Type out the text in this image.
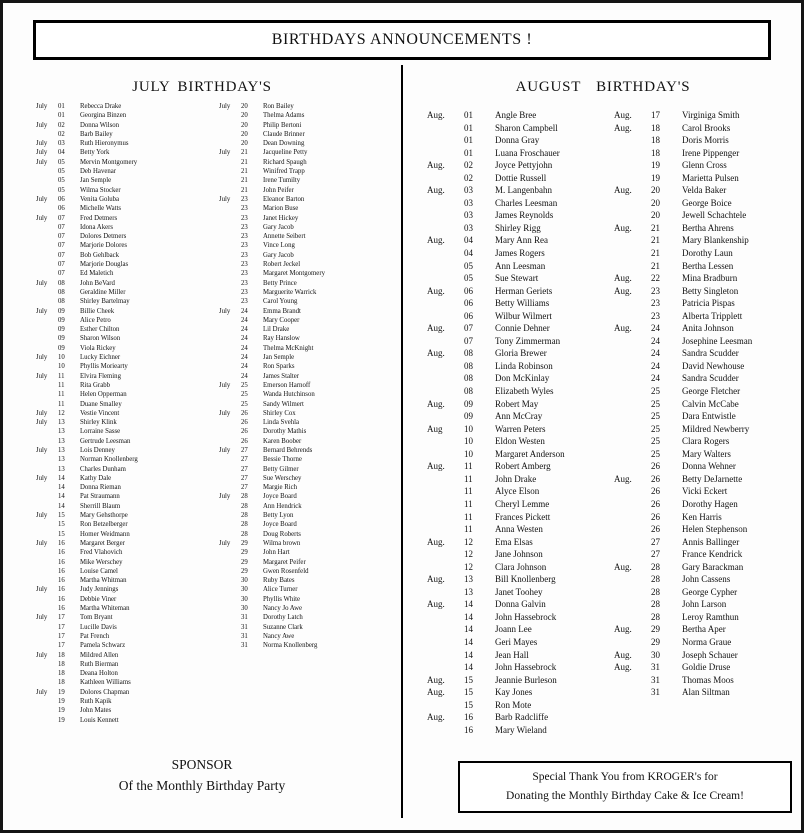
BIRTHDAYS ANNOUNCEMENTS !
JULY BIRTHDAY'S	AUGUST  BIRTHDAY'S
July	01	Rebecca Drake
01	Georgina Binzen
July	02	Donna Wilson
02	Barb Bailey
July	03	Ruth Hieronymus
July	04	Betty York
July	05	Mervin Montgomery
05	Deb Havenar
05	Jan Semple
05	Wilma Stocker
July	06	Venita Goluba
06	Michelle Watts
July	07	Fred Detmers
07	Idona Akers
07	Dolores Detmers
07	Marjorie Dolores
07	Bob Gehlback
07	Marjorie Douglas
07	Ed Maletich
July	08	John BeVard
08	Geraldine Miller
08	Shirley Bartelmay
July	09	Billie Cheek
09	Alice Petro
09	Esther Chilton
09	Sharon Wilson
09	Viola Rickey
July	10	Lucky Eichner
10	Phyllis Moriearty
July	11	Elvira Fleming
11	Rita Grabb
11	Helen Opperman
11	Duane Smalley
July	12	Vestie Vincent
July	13	Shirley Klink
13	Lorraine Sasse
13	Gertrude Leesman
July	13	Lois Denney
13	Norman Knollenberg
13	Charles Dunham
July	14	Kathy Dale
14	Donna Rieman
14	Pat Straumann
14	Sherrill Blaum
July	15	Mary Gehsthorpe
15	Ron Betzelberger
15	Homer Weidmann
July	16	Margaret Berger
16	Fred Vlahovich
16	Mike Werschey
16	Louise Camel
16	Martha Whitman
July	16	Judy Jennings
16	Debbie Viner
16	Martha Whiteman
July	17	Tom Bryant
17	Lucille Davis
17	Pat French
17	Pamela Schwarz
July	18	Mildred Allen
18	Ruth Bierman
18	Deana Holton
18	Kathleen Williams
July	19	Dolores Chapman
19	Ruth Kapik
19	John Mates
19	Louis Kennett
July	20	Ron Bailey
20	Thelma Adams
20	Philip Bertoni
20	Claude Brinner
20	Dean Downing
July	21	Jacqueline Petty
21	Richard Spaugh
21	Winifred Trapp
21	Irene Tumilty
21	John Peifer
July	23	Eleanor Barton
23	Marion Buse
23	Janet Hickey
23	Gary Jacob
23	Annette Seibert
23	Vince Long
23	Gary Jacob
23	Robert Jeckel
23	Margaret Montgomery
23	Betty Prince
23	Marguerite Warrick
23	Carol Young
July	24	Emma Brandt
24	Mary Cooper
24	Lil Drake
24	Ray Hanslow
24	Thelma McKnight
24	Jan Semple
24	Ron Sparks
24	James Stalter
July	25	Emerson Harnoff
25	Wanda Hutchinson
25	Sandy Wilmert
July	26	Shirley Cox
26	Linda Svehla
26	Dorothy Mathis
26	Karen Boober
July	27	Bernard Behrends
27	Bessie Thorne
27	Betty Gilmer
27	Sue Werschey
27	Margie Rich
July	28	Joyce Board
28	Ann Hendrick
28	Betty Lyon
28	Joyce Board
28	Doug Roberts
July	29	Wilma brown
29	John Hart
29	Margaret Peifer
29	Gwen Rosenfeld
30	Ruby Bates
30	Alice Turner
30	Phyllis White
30	Nancy Jo Awe
31	Dorothy Latch
31	Suzanne Clark
31	Nancy Awe
31	Norma Knollenberg
Aug.	01	Angle Bree
01	Sharon Campbell
01	Donna Gray
01	Luana Froschauer
Aug.	02	Joyce Pettyjohn
02	Dottie Russell
Aug.	03	M. Langenbahn
03	Charles Leesman
03	James Reynolds
03	Shirley Rigg
Aug.	04	Mary Ann Rea
04	James Rogers
05	Ann Leesman
05	Sue Stewart
Aug.	06	Herman Geriets
06	Betty Williams
06	Wilbur Wilmert
Aug.	07	Connie Dehner
07	Tony Zimmerman
Aug.	08	Gloria Brewer
08	Linda Robinson
08	Don McKinlay
08	Elizabeth Wyles
Aug.	09	Robert May
09	Ann McCray
Aug	10	Warren Peters
10	Eldon Westen
10	Margaret Anderson
Aug.	11	Robert Amberg
11	John Drake
11	Alyce Elson
11	Cheryl Lemme
11	Frances Pickett
11	Anna Westen
Aug.	12	Ema Elsas
12	Jane Johnson
12	Clara Johnson
Aug.	13	Bill Knollenberg
13	Janet Toohey
Aug.	14	Donna Galvin
14	John Hassebrock
14	Joann Lee
14	Geri Mayes
14	Jean Hall
14	John Hassebrock
Aug.	15	Jeannie Burleson
Aug.	15	Kay Jones
15	Ron Mote
Aug.	16	Barb Radcliffe
16	Mary Wieland
Aug.	17	Virginiga Smith
Aug.	18	Carol Brooks
18	Doris Morris
18	Irene Pippenger
19	Glenn Cross
19	Marietta Pulsen
Aug.	20	Velda Baker
20	George Boice
20	Jewell Schachtele
Aug.	21	Bertha Ahrens
21	Mary Blankenship
21	Dorothy Laun
21	Bertha Lessen
Aug.	22	Mina Bradburn
Aug.	23	Betty Singleton
23	Patricia Pispas
23	Alberta Tripplett
Aug.	24	Anita Johnson
24	Josephine Leesman
24	Sandra Scudder
24	David Newhouse
24	Sandra Scudder
25	George Fletcher
25	Calvin McCabe
25	Dara Entwistle
25	Mildred Newberry
25	Clara Rogers
25	Mary Walters
26	Donna Wehner
Aug.	26	Betty DeJarnette
26	Vicki Eckert
26	Dorothy Hagen
26	Ken Harris
26	Helen Stephenson
27	Annis Ballinger
27	France Kendrick
Aug.	28	Gary Barackman
28	John Cassens
28	George Cypher
28	John Larson
28	Leroy Ramthun
Aug.	29	Bertha Aper
29	Norma Graue
Aug.	30	Joseph Schauer
Aug.	31	Goldie Druse
31	Thomas Moos
31	Alan Siltman
SPONSOR
Of the Monthly Birthday Party
Special Thank You from KROGER's for
Donating the Monthly Birthday Cake & Ice Cream!
